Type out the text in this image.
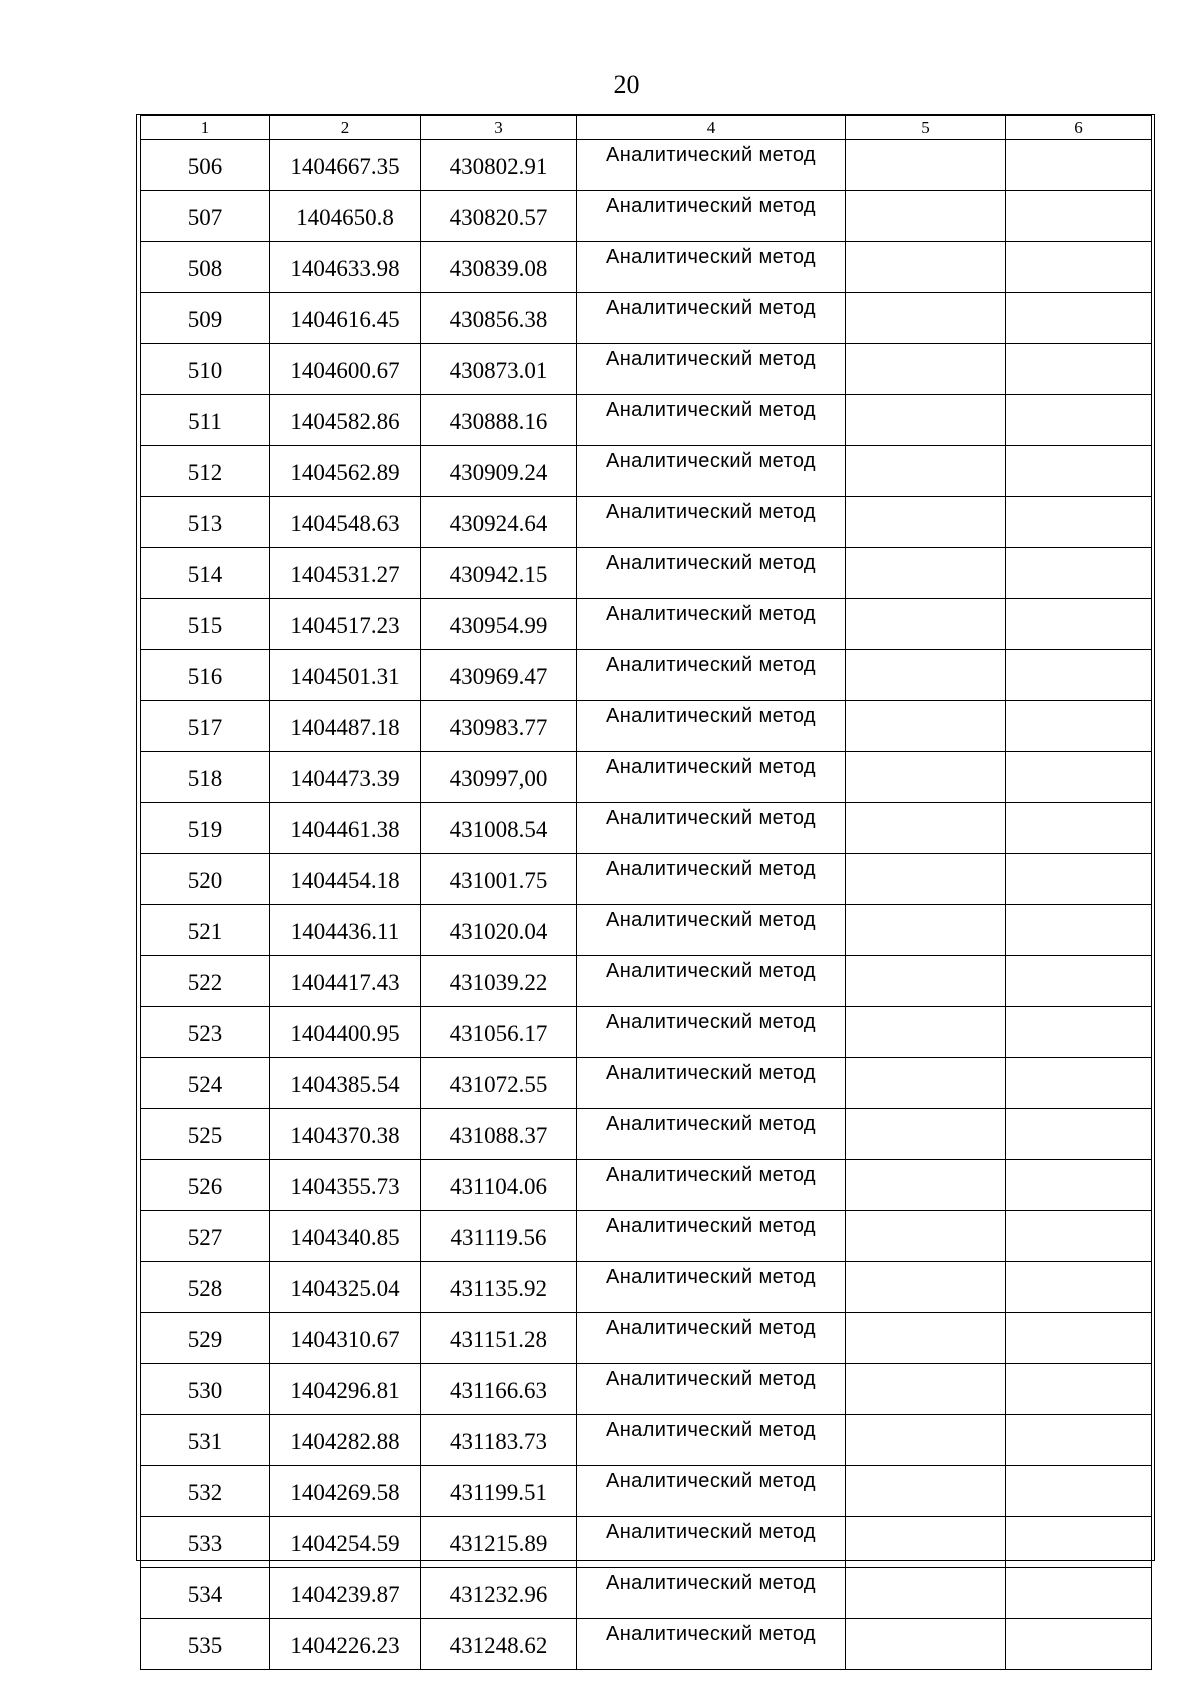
20
1	2	3	4	5	6
506	1404667.35	430802.91	Аналитический метод		
507	1404650.8	430820.57	Аналитический метод		
508	1404633.98	430839.08	Аналитический метод		
509	1404616.45	430856.38	Аналитический метод		
510	1404600.67	430873.01	Аналитический метод		
511	1404582.86	430888.16	Аналитический метод		
512	1404562.89	430909.24	Аналитический метод		
513	1404548.63	430924.64	Аналитический метод		
514	1404531.27	430942.15	Аналитический метод		
515	1404517.23	430954.99	Аналитический метод		
516	1404501.31	430969.47	Аналитический метод		
517	1404487.18	430983.77	Аналитический метод		
518	1404473.39	430997,00	Аналитический метод		
519	1404461.38	431008.54	Аналитический метод		
520	1404454.18	431001.75	Аналитический метод		
521	1404436.11	431020.04	Аналитический метод		
522	1404417.43	431039.22	Аналитический метод		
523	1404400.95	431056.17	Аналитический метод		
524	1404385.54	431072.55	Аналитический метод		
525	1404370.38	431088.37	Аналитический метод		
526	1404355.73	431104.06	Аналитический метод		
527	1404340.85	431119.56	Аналитический метод		
528	1404325.04	431135.92	Аналитический метод		
529	1404310.67	431151.28	Аналитический метод		
530	1404296.81	431166.63	Аналитический метод		
531	1404282.88	431183.73	Аналитический метод		
532	1404269.58	431199.51	Аналитический метод		
533	1404254.59	431215.89	Аналитический метод		
534	1404239.87	431232.96	Аналитический метод		
535	1404226.23	431248.62	Аналитический метод		
